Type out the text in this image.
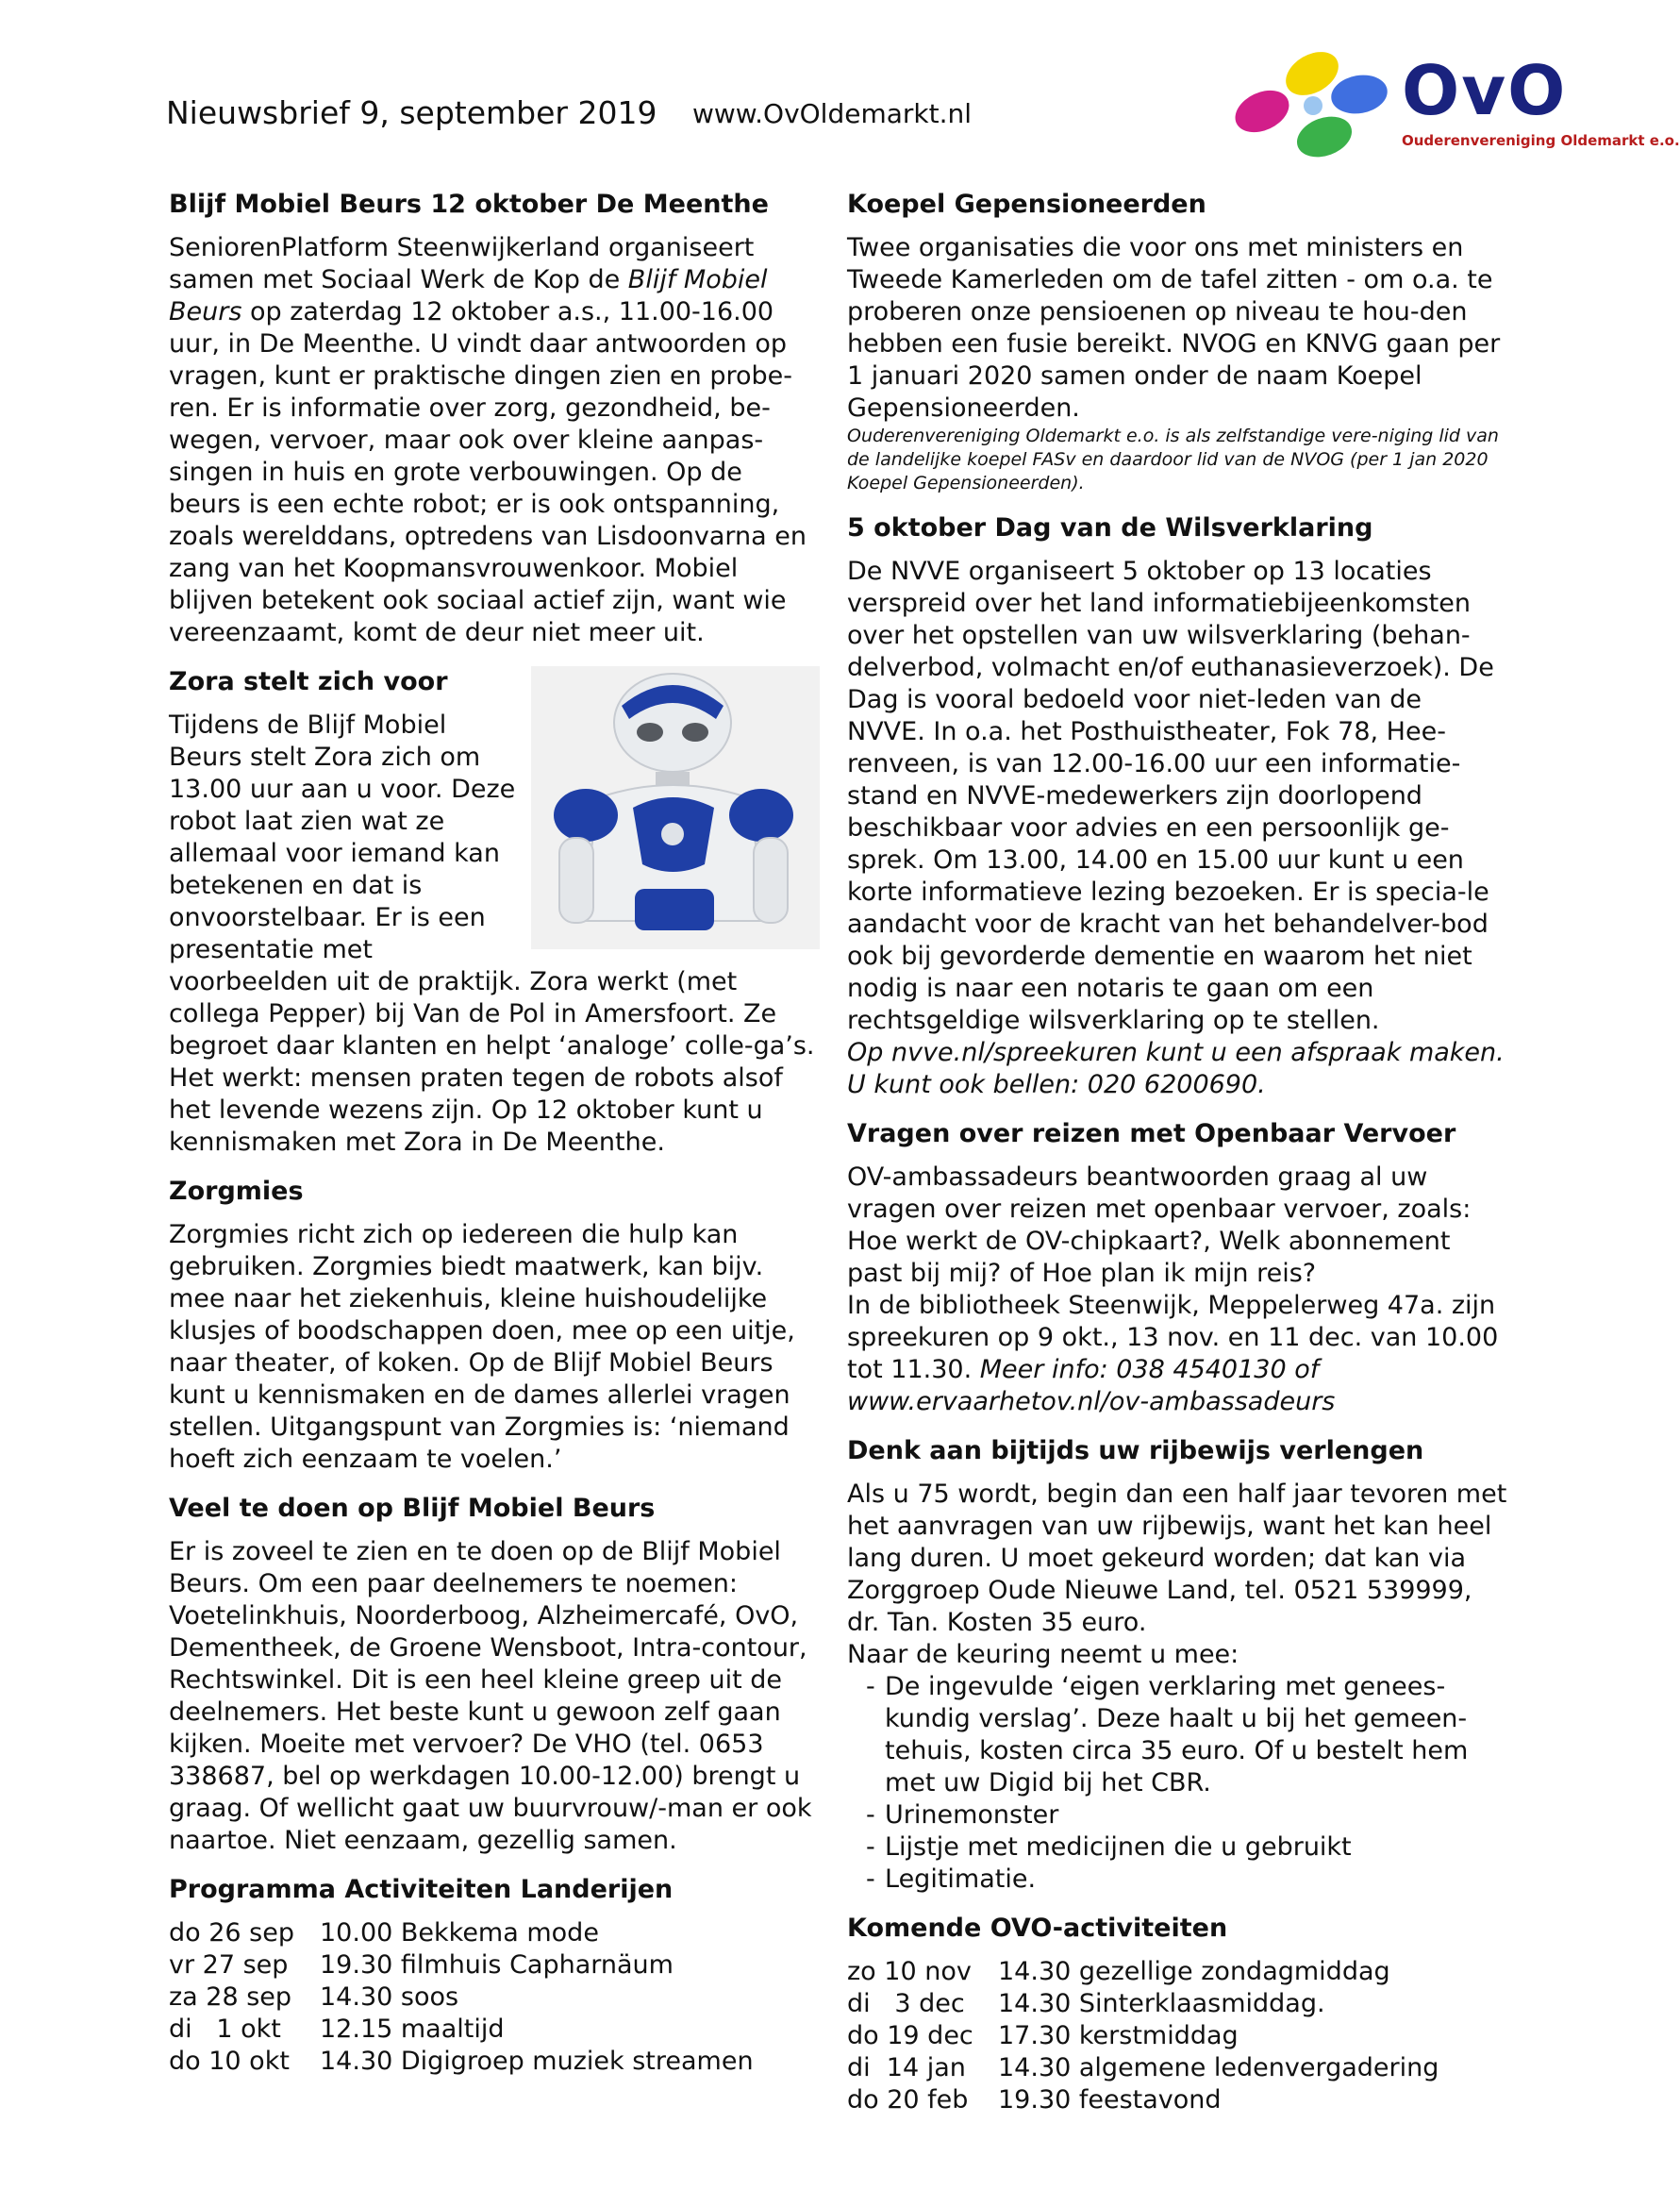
Nieuwsbrief 9, september 2019 www.OvOldemarkt.nl	OvO
Ouderenvereniging Oldemarkt e.o.
Blijf Mobiel Beurs 12 oktober De Meenthe

SeniorenPlatform Steenwijkerland organiseert samen met Sociaal Werk de Kop de Blijf Mobiel Beurs op zaterdag 12 oktober a.s., 11.00-16.00 uur, in De Meenthe. U vindt daar antwoorden op vragen, kunt er praktische dingen zien en probe-ren. Er is informatie over zorg, gezondheid, be-wegen, vervoer, maar ook over kleine aanpas-singen in huis en grote verbouwingen. Op de beurs is een echte robot; er is ook ontspanning, zoals werelddans, optredens van Lisdoonvarna en zang van het Koopmansvrouwenkoor. Mobiel blijven betekent ook sociaal actief zijn, want wie vereenzaamt, komt de deur niet meer uit.

Zora stelt zich voor

Tijdens de Blijf Mobiel Beurs stelt Zora zich om 13.00 uur aan u voor. Deze robot laat zien wat ze allemaal voor iemand kan betekenen en dat is onvoorstelbaar. Er is een presentatie met voorbeelden uit de praktijk. Zora werkt (met collega Pepper) bij Van de Pol in Amersfoort. Ze begroet daar klanten en helpt ‘analoge’ colle-ga’s. Het werkt: mensen praten tegen de robots alsof het levende wezens zijn. Op 12 oktober kunt u kennismaken met Zora in De Meenthe.

Zorgmies

Zorgmies richt zich op iedereen die hulp kan gebruiken. Zorgmies biedt maatwerk, kan bijv. mee naar het ziekenhuis, kleine huishoudelijke klusjes of boodschappen doen, mee op een uitje, naar theater, of koken. Op de Blijf Mobiel Beurs kunt u kennismaken en de dames allerlei vragen stellen. Uitgangspunt van Zorgmies is: ‘niemand hoeft zich eenzaam te voelen.’

Veel te doen op Blijf Mobiel Beurs

Er is zoveel te zien en te doen op de Blijf Mobiel Beurs. Om een paar deelnemers te noemen: Voetelinkhuis, Noorderboog, Alzheimercafé, OvO, Dementheek, de Groene Wensboot, Intra-contour, Rechtswinkel. Dit is een heel kleine greep uit de deelnemers. Het beste kunt u gewoon zelf gaan kijken. Moeite met vervoer? De VHO (tel. 0653 338687, bel op werkdagen 10.00-12.00) brengt u graag. Of wellicht gaat uw buurvrouw/-man er ook naartoe. Niet eenzaam, gezellig samen.

Programma Activiteiten Landerijen
do 26 sep	10.00 Bekkema mode
vr 27 sep	19.30 filmhuis Capharnäum
za 28 sep	14.30 soos
di   1 okt	12.15 maaltijd
do 10 okt	14.30 Digigroep muziek streamen
Koepel Gepensioneerden

Twee organisaties die voor ons met ministers en Tweede Kamerleden om de tafel zitten - om o.a. te proberen onze pensioenen op niveau te hou-den hebben een fusie bereikt. NVOG en KNVG gaan per 1 januari 2020 samen onder de naam Koepel Gepensioneerden.

Ouderenvereniging Oldemarkt e.o. is als zelfstandige vere-niging lid van de landelijke koepel FASv en daardoor lid van de NVOG (per 1 jan 2020 Koepel Gepensioneerden).

5 oktober Dag van de Wilsverklaring

De NVVE organiseert 5 oktober op 13 locaties verspreid over het land informatiebijeenkomsten over het opstellen van uw wilsverklaring (behan-delverbod, volmacht en/of euthanasieverzoek). De Dag is vooral bedoeld voor niet-leden van de NVVE. In o.a. het Posthuistheater, Fok 78, Hee-renveen, is van 12.00-16.00 uur een informatie-stand en NVVE-medewerkers zijn doorlopend beschikbaar voor advies en een persoonlijk ge-sprek. Om 13.00, 14.00 en 15.00 uur kunt u een korte informatieve lezing bezoeken. Er is specia-le aandacht voor de kracht van het behandelver-bod ook bij gevorderde dementie en waarom het niet nodig is naar een notaris te gaan om een rechtsgeldige wilsverklaring op te stellen.

Op nvve.nl/spreekuren kunt u een afspraak maken. U kunt ook bellen: 020 6200690.

Vragen over reizen met Openbaar Vervoer

OV-ambassadeurs beantwoorden graag al uw vragen over reizen met openbaar vervoer, zoals: Hoe werkt de OV-chipkaart?, Welk abonnement past bij mij? of Hoe plan ik mijn reis?

In de bibliotheek Steenwijk, Meppelerweg 47a. zijn spreekuren op 9 okt., 13 nov. en 11 dec. van 10.00 tot 11.30. Meer info: 038 4540130 of www.ervaarhetov.nl/ov-ambassadeurs

Denk aan bijtijds uw rijbewijs verlengen

Als u 75 wordt, begin dan een half jaar tevoren met het aanvragen van uw rijbewijs, want het kan heel lang duren. U moet gekeurd worden; dat kan via Zorggroep Oude Nieuwe Land, tel. 0521 539999, dr. Tan. Kosten 35 euro.

Naar de keuring neemt u mee:

- De ingevulde ‘eigen verklaring met genees-kundig verslag’. Deze haalt u bij het gemeen-tehuis, kosten circa 35 euro. Of u bestelt hem met uw Digid bij het CBR.
- Urinemonster
- Lijstje met medicijnen die u gebruikt
- Legitimatie.
Komende OVO-activiteiten
zo 10 nov	14.30 gezellige zondagmiddag
di   3 dec	14.30 Sinterklaasmiddag.
do 19 dec	17.30 kerstmiddag
di  14 jan	14.30 algemene ledenvergadering
do 20 feb	19.30 feestavond
